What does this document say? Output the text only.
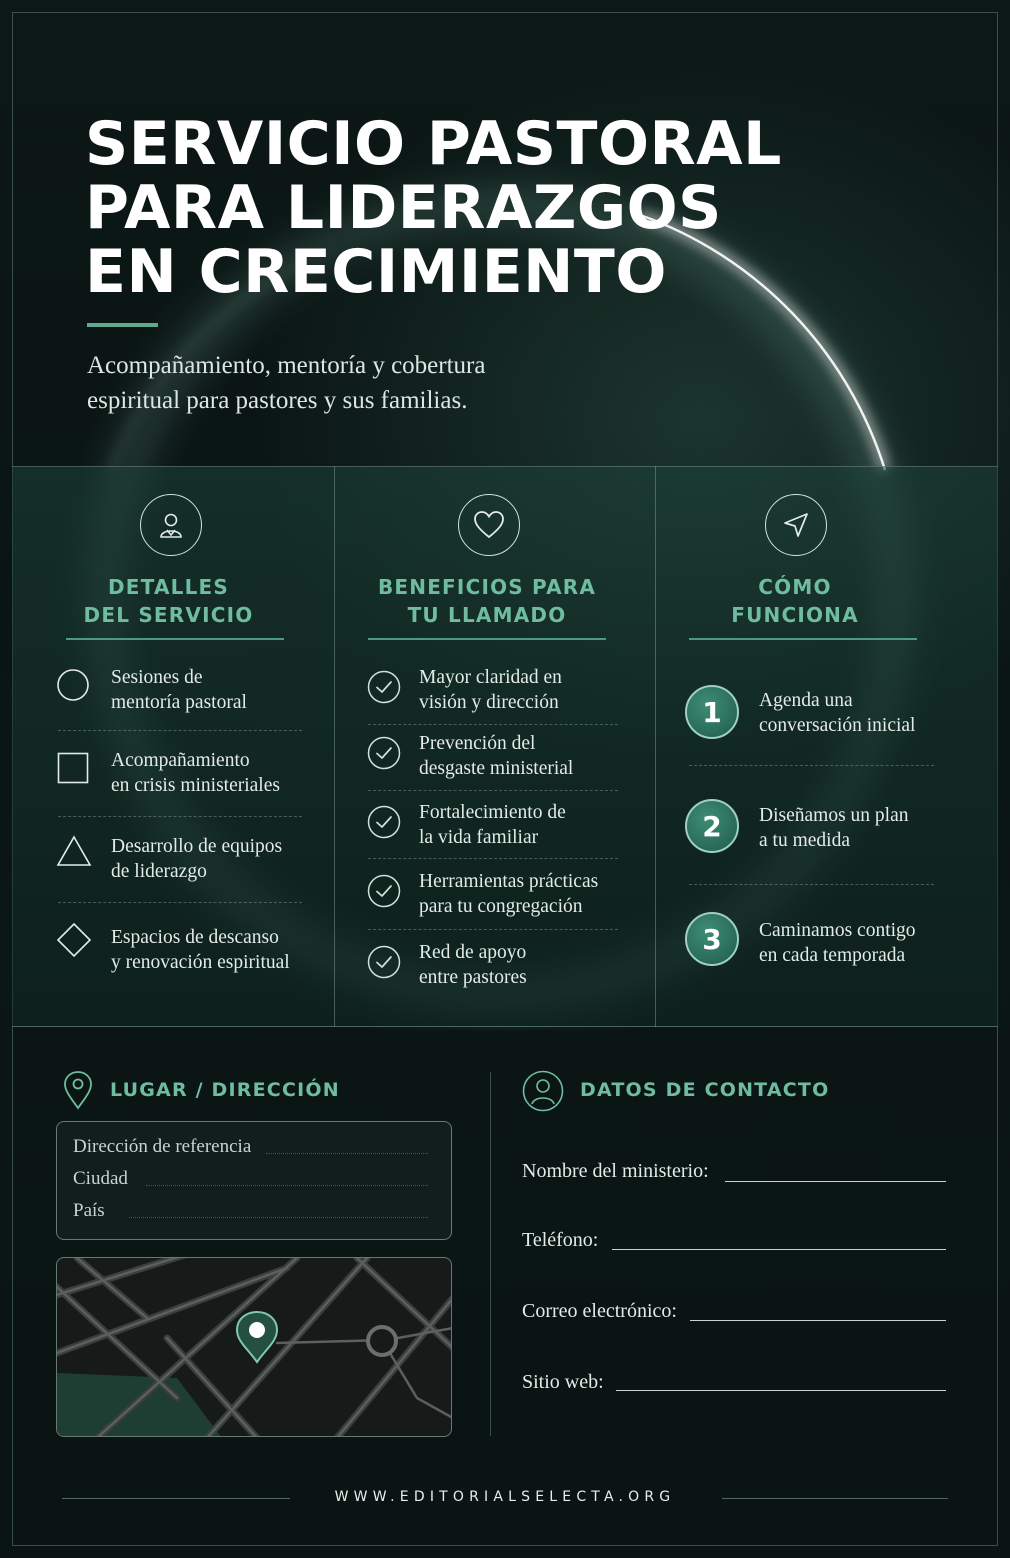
SERVICIO PASTORAL
PARA LIDERAZGOS
EN CRECIMIENTO

Acompañamiento, mentoría y cobertura
espiritual para pastores y sus familias.

DETALLES
DEL SERVICIO
Sesiones de
mentoría pastoral
Acompañamiento
en crisis ministeriales
Desarrollo de equipos
de liderazgo
Espacios de descanso
y renovación espiritual
BENEFICIOS PARA
TU LLAMADO
Mayor claridad en
visión y dirección
Prevención del
desgaste ministerial
Fortalecimiento de
la vida familiar
Herramientas prácticas
para tu congregación
Red de apoyo
entre pastores
CÓMO
FUNCIONA
1	Agenda una
conversación inicial
2	Diseñamos un plan
a tu medida
3	Caminamos contigo
en cada temporada
LUGAR / DIRECCIÓN
Dirección de referencia
Ciudad
País
DATOS DE CONTACTO
Nombre del ministerio:
Teléfono:
Correo electrónico:
Sitio web:
WWW.EDITORIALSELECTA.ORG
